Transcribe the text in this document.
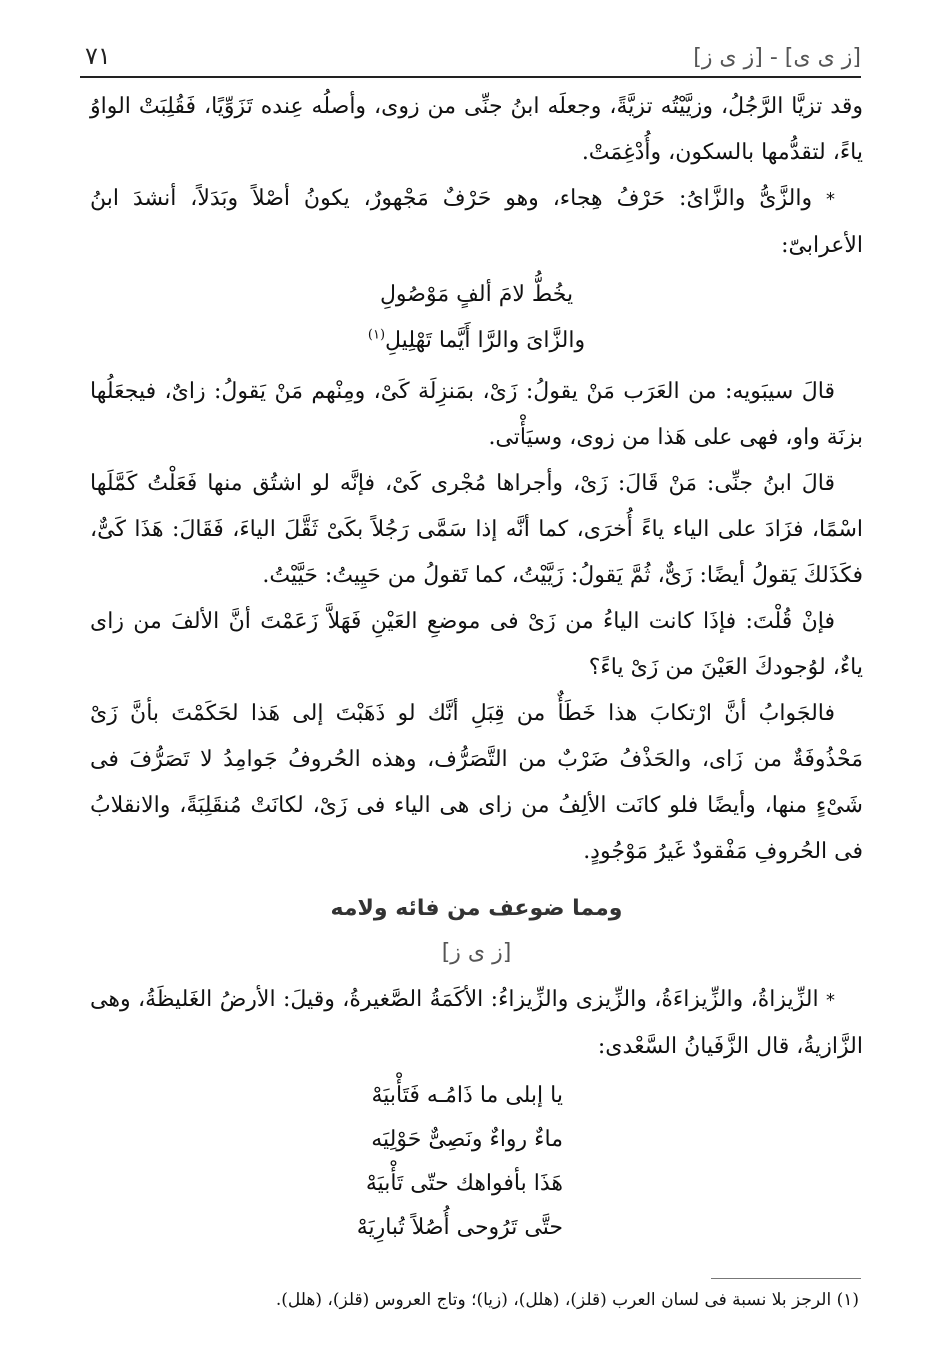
[ز ى ى] - [ز ى ز]
٧١

وقد تزيَّا الرَّجُلُ، وزيَّيْتُه تزيَّةً، وجعلَه ابنُ جنِّى من زوى، وأصلُه عِنده تَزَوِّيًا، فَقُلِبَتْ الواوُ ياءً، لتقدُّمها بالسكون، وأُدْغِمَتْ.

* والزَّىُّ والزَّاىُ: حَرْفُ هِجاء، وهو حَرْفٌ مَجْهورٌ، يكونُ أصْلاً وبَدَلاً، أنشدَ ابنُ الأعرابىّ:

يخُطُّ لامَ ألفٍ مَوْصُولِ

والزَّاىَ والرَّا أَيَّما تَهْلِيلِ$^{(١)}$

قالَ سيبَويه: من العَرَب مَنْ يقولُ: زَىْ، بمَنزِلَة كَىْ، ومِنْهم مَنْ يَقولُ: زاىٌ، فيجعَلُها بزنَة واو، فهى على هَذا من زوى، وسيَأْتى.

قالَ ابنُ جنِّى: مَنْ قَالَ: زَىْ، وأجراها مُجْرى كَىْ، فإنَّه لو اشتُق منها فَعَلْتُ كَمَّلَها اسْمًا، فزَادَ على الياء ياءً أُخرَى، كما أنَّه إذا سَمَّى رَجُلاً بكَىْ ثَقَّلَ الياءَ، فَقَالَ: هَذَا كَىٌّ، فكَذَلكَ يَقولُ أيضًا: زَىٌّ، ثُمَّ يَقولُ: زَيَّيْتُ، كما تَقولُ من حَيِيتُ: حَيَّيْتُ.

فإنْ قُلْتَ: فإذَا كانت الياءُ من زَىْ فى موضعِ العَيْنِ فَهَلاَّ زَعَمْتَ أنَّ الألفَ من زاى ياءٌ، لوُجودكَ العَيْنَ من زَىْ ياءً؟

فالجَوابُ أنَّ ارْتكابَ هذا خَطَأٌ من قِبَلِ أنَّك لو ذَهَبْتَ إلى هَذا لحَكَمْتَ بأنَّ زَىْ مَحْذُوفَةٌ من زَاى، والحَذْفُ ضَرْبٌ من التَّصَرُّف، وهذه الحُروفُ جَوامِدُ لا تَصَرُّفَ فى شَىْءٍ منها، وأيضًا فلو كانَت الألِفُ من زاى هى الياء فى زَىْ، لكانَتْ مُنقَلِبَةً، والانقلابُ فى الحُروفِ مَفْقودٌ غَيرُ مَوْجُودٍ.

ومما ضوعف من فائه ولامه
[ز ى ز]

* الزِّيزاةُ، والزِّيزاءَةُ، والزِّيزى والزِّيزاءُ: الأكَمَةُ الصَّغيرةُ، وقيلَ: الأرضُ الغَليظَةُ، وهى الزَّازيةُ، قال الزَّفَيانُ السَّعْدى:

يا إبلى ما ذَامُـه فَتَأْبيَهْ

ماءٌ رواءٌ ونَصِىٌّ حَوْلِيَه

هَذَا بأفواهك حتّى تَأْبيَهْ

حتَّى تَرُوحى أُصُلاً تُبارِيَهْ

(١) الرجز بلا نسبة فى لسان العرب (قلز)، (هلل)، (زيا)؛ وتاج العروس (قلز)، (هلل).
